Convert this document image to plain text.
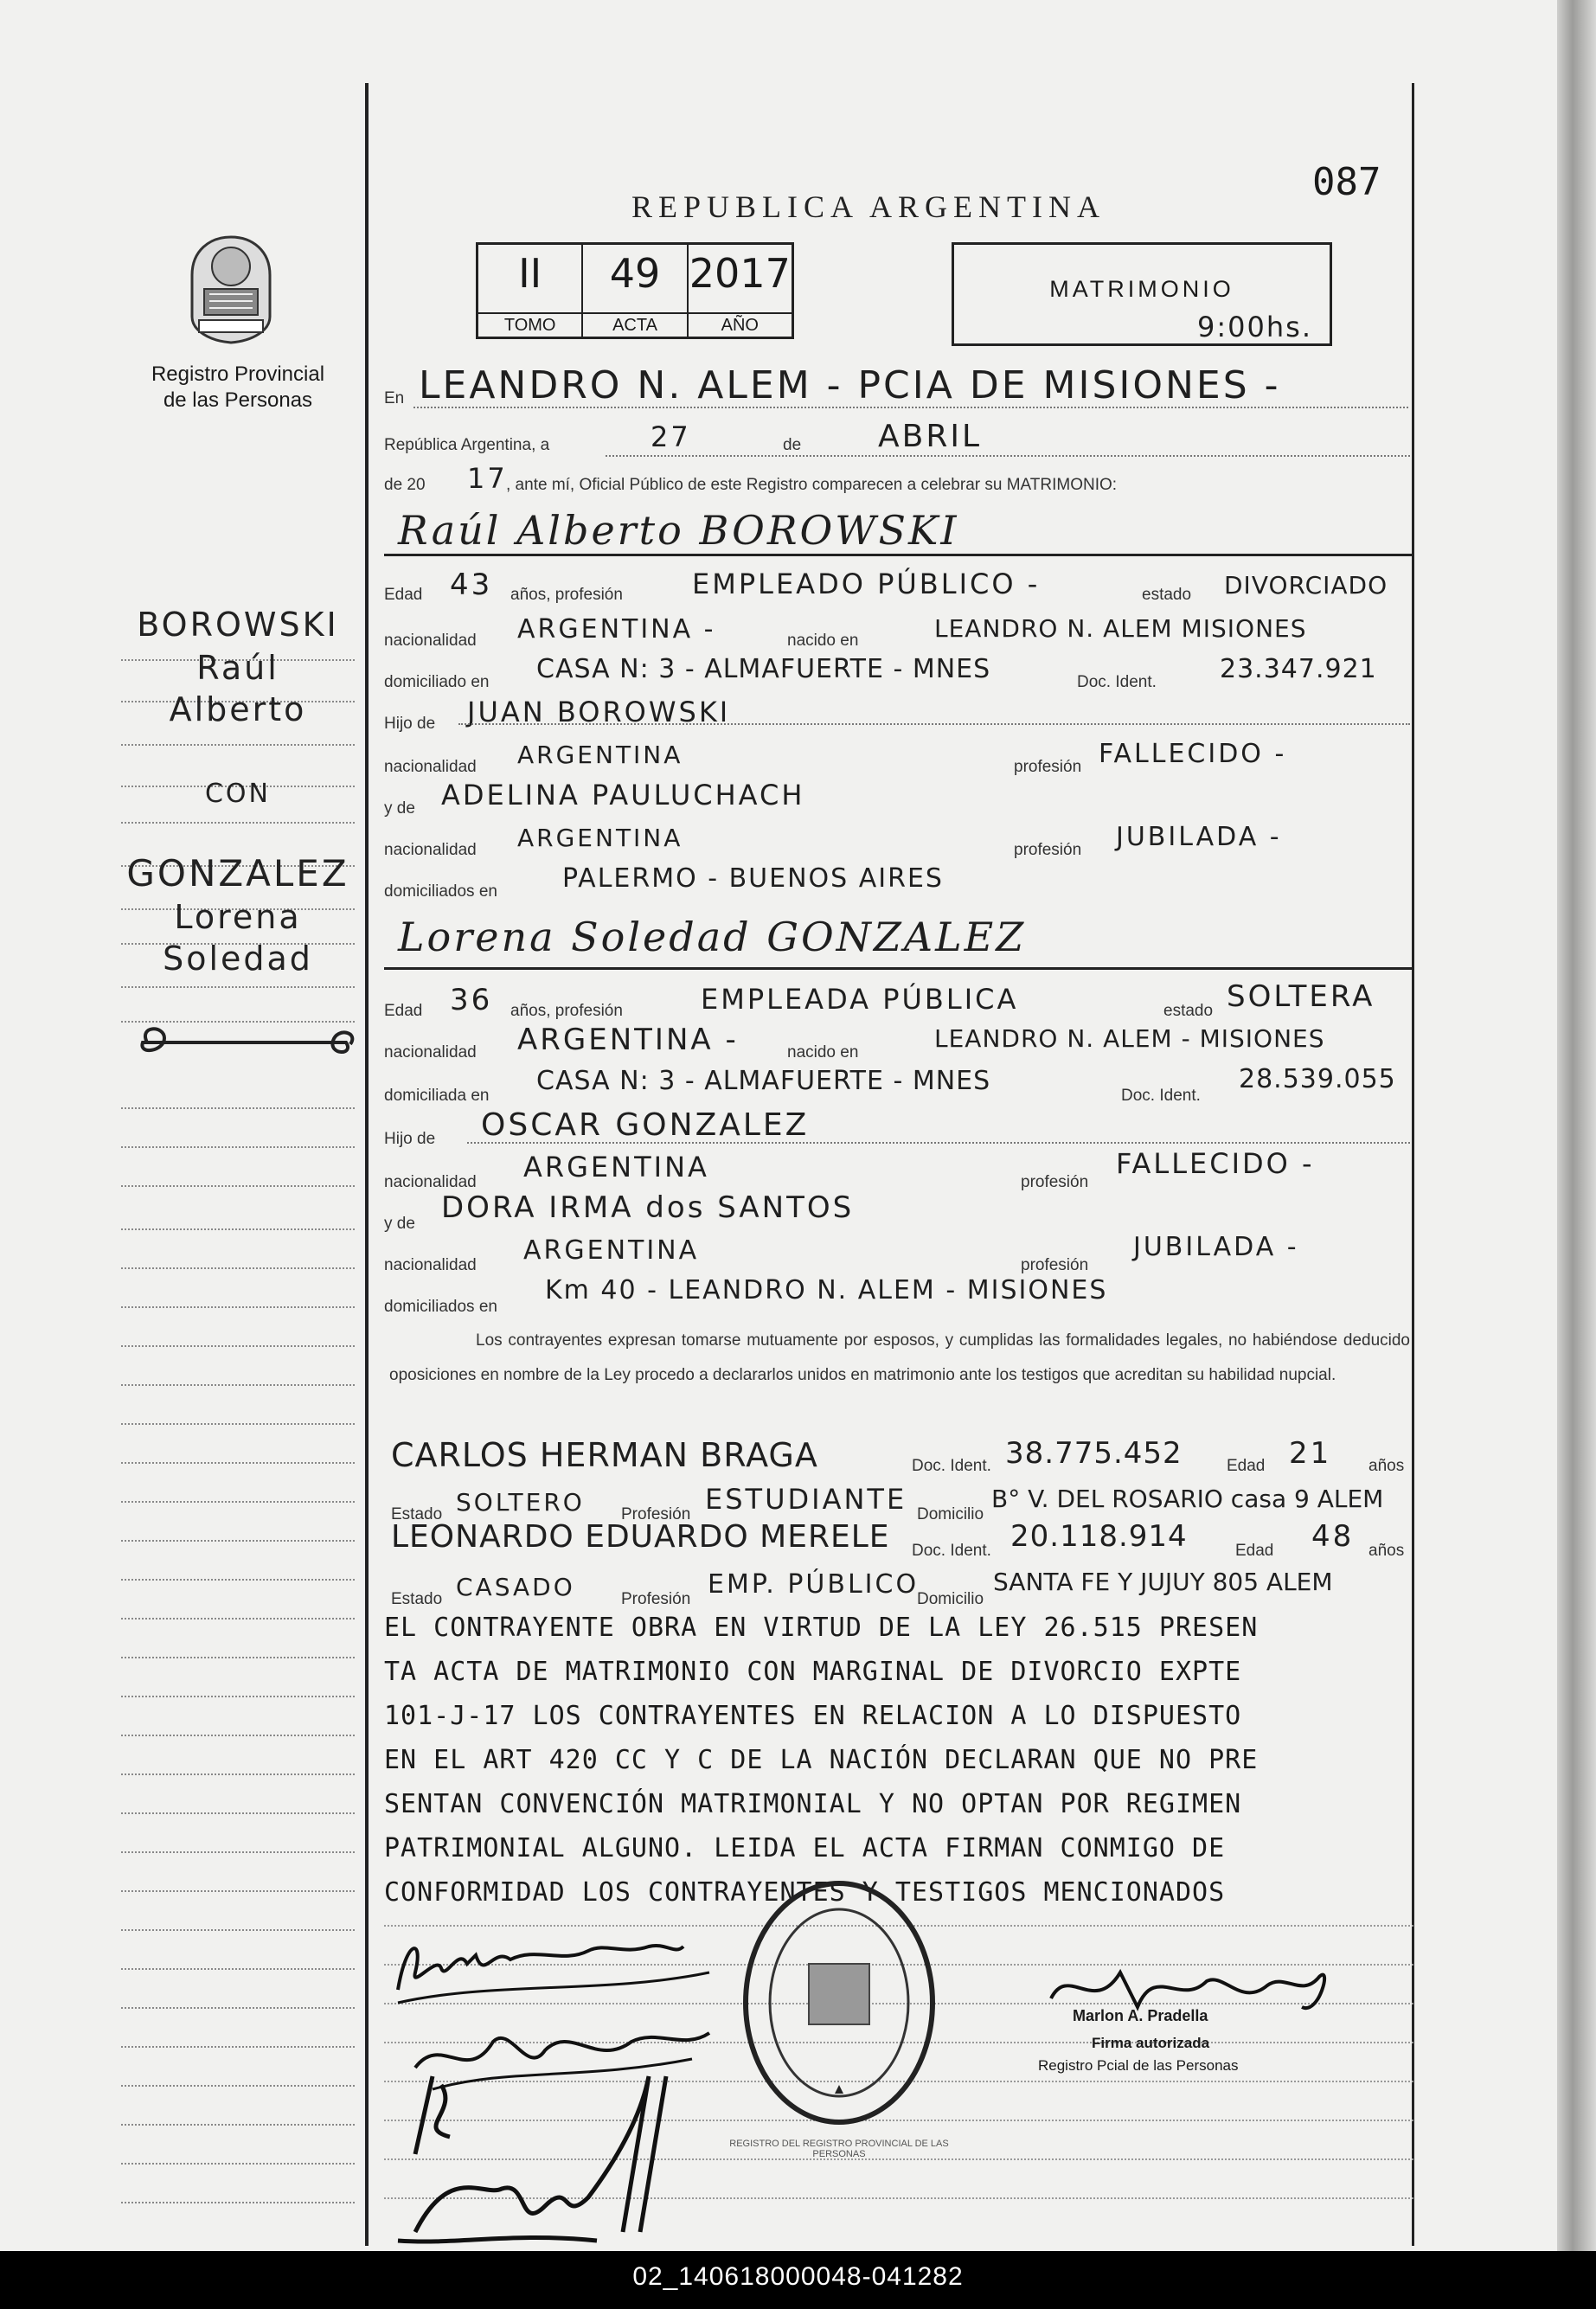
02_140618000048-041282
REPUBLICA ARGENTINA
087
Registro Provincial
de las Personas
II
TOMO
49
ACTA
2017
AÑO
MATRIMONIO
9:00hs.
BOROWSKI
Raúl
Alberto
CON
GONZALEZ
Lorena
Soledad
En LEANDRO N. ALEM - PCIA DE MISIONES -
República Argentina, a	27	de ABRIL
de 20 17
, ante mí, Oficial Público de este Registro comparecen a celebrar su MATRIMONIO:
Raúl Alberto BOROWSKI
Edad 43 años, profesión	EMPLEADO PÚBLICO -	estado DIVORCIADO
nacionalidad ARGENTINA -	nacido en	LEANDRO N. ALEM MISIONES
domiciliado en CASA N: 3 - ALMAFUERTE - MNES	Doc. Ident. 23.347.921
Hijo de JUAN BOROWSKI
nacionalidad ARGENTINA	profesión FALLECIDO -
y de ADELINA PAULUCHACH
nacionalidad ARGENTINA	profesión JUBILADA -
domiciliados en	PALERMO - BUENOS AIRES
Lorena Soledad GONZALEZ
Edad 36 años, profesión	EMPLEADA PÚBLICA	estado SOLTERA
nacionalidad ARGENTINA -	nacido en	LEANDRO N. ALEM - MISIONES
domiciliada en CASA N: 3 - ALMAFUERTE - MNES	Doc. Ident.
28.539.055
Hijo de OSCAR GONZALEZ
nacionalidad ARGENTINA	profesión
FALLECIDO -
y de DORA IRMA dos SANTOS
nacionalidad ARGENTINA	profesión
JUBILADA -
domiciliados en
Km 40 - LEANDRO N. ALEM - MISIONES
Los contrayentes expresan tomarse mutuamente por esposos, y cumplidas las formalidades legales, no habiéndose deducido oposiciones en nombre de la Ley procedo a declararlos unidos en matrimonio ante los testigos que acreditan su habilidad nupcial.
CARLOS HERMAN BRAGA	Doc. Ident. 38.775.452	Edad 21 años
Estado SOLTERO Profesión ESTUDIANTE Domicilio
B° V. DEL ROSARIO casa 9 ALEM
LEONARDO EDUARDO MERELE Doc. Ident. 20.118.914	Edad 48 años
Estado CASADO	Profesión EMP. PÚBLICO
Domicilio
SANTA FE Y JUJUY 805 ALEM
EL CONTRAYENTE OBRA EN VIRTUD DE LA LEY 26.515 PRESEN
TA ACTA DE MATRIMONIO CON MARGINAL DE DIVORCIO EXPTE
101-J-17 LOS CONTRAYENTES EN RELACION A LO DISPUESTO
EN EL ART 420 CC Y C DE LA NACIÓN DECLARAN QUE NO PRE
SENTAN CONVENCIÓN MATRIMONIAL Y NO OPTAN POR REGIMEN
PATRIMONIAL ALGUNO. LEIDA EL ACTA FIRMAN CONMIGO DE
CONFORMIDAD LOS CONTRAYENTES Y TESTIGOS MENCIONADOS
REGISTRO DEL REGISTRO PROVINCIAL DE LAS PERSONAS
Marlon A. Pradella
Firma autorizada
Registro Pcial de las Personas
